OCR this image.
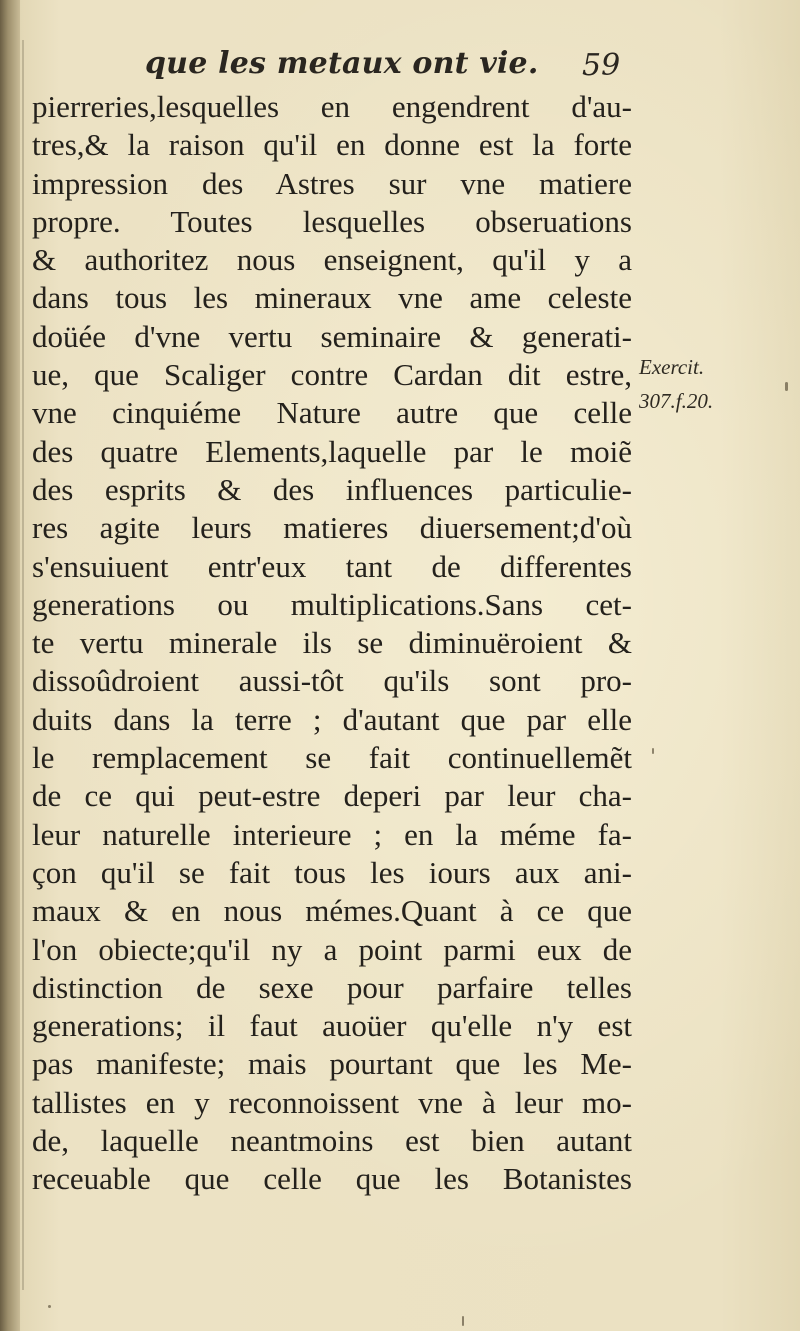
que les metaux ont vie. 59
pierreries,lesquelles en engendrent d'au-
tres,& la raison qu'il en donne est la forte
impression des Astres sur vne matiere
propre. Toutes lesquelles obseruations
& authoritez nous enseignent, qu'il y a
dans tous les mineraux vne ame celeste
doüée d'vne vertu seminaire & generati-
ue, que Scaliger contre Cardan dit estre,
vne cinquiéme Nature autre que celle
des quatre Elements,laquelle par le moiẽ
des esprits & des influences particulie-
res agite leurs matieres diuersement;d'où
s'ensuiuent entr'eux tant de differentes
generations ou multiplications.Sans cet-
te vertu minerale ils se diminuëroient &
dissoûdroient aussi-tôt qu'ils sont pro-
duits dans la terre ; d'autant que par elle
le remplacement se fait continuellemẽt
de ce qui peut-estre deperi par leur cha-
leur naturelle interieure ; en la méme fa-
çon qu'il se fait tous les iours aux ani-
maux & en nous mémes.Quant à ce que
l'on obiecte;qu'il ny a point parmi eux de
distinction de sexe pour parfaire telles
generations; il faut auoüer qu'elle n'y est
pas manifeste; mais pourtant que les Me-
tallistes en y reconnoissent vne à leur mo-
de, laquelle neantmoins est bien autant
receuable que celle que les Botanistes
Exercit.
307.f.20.
